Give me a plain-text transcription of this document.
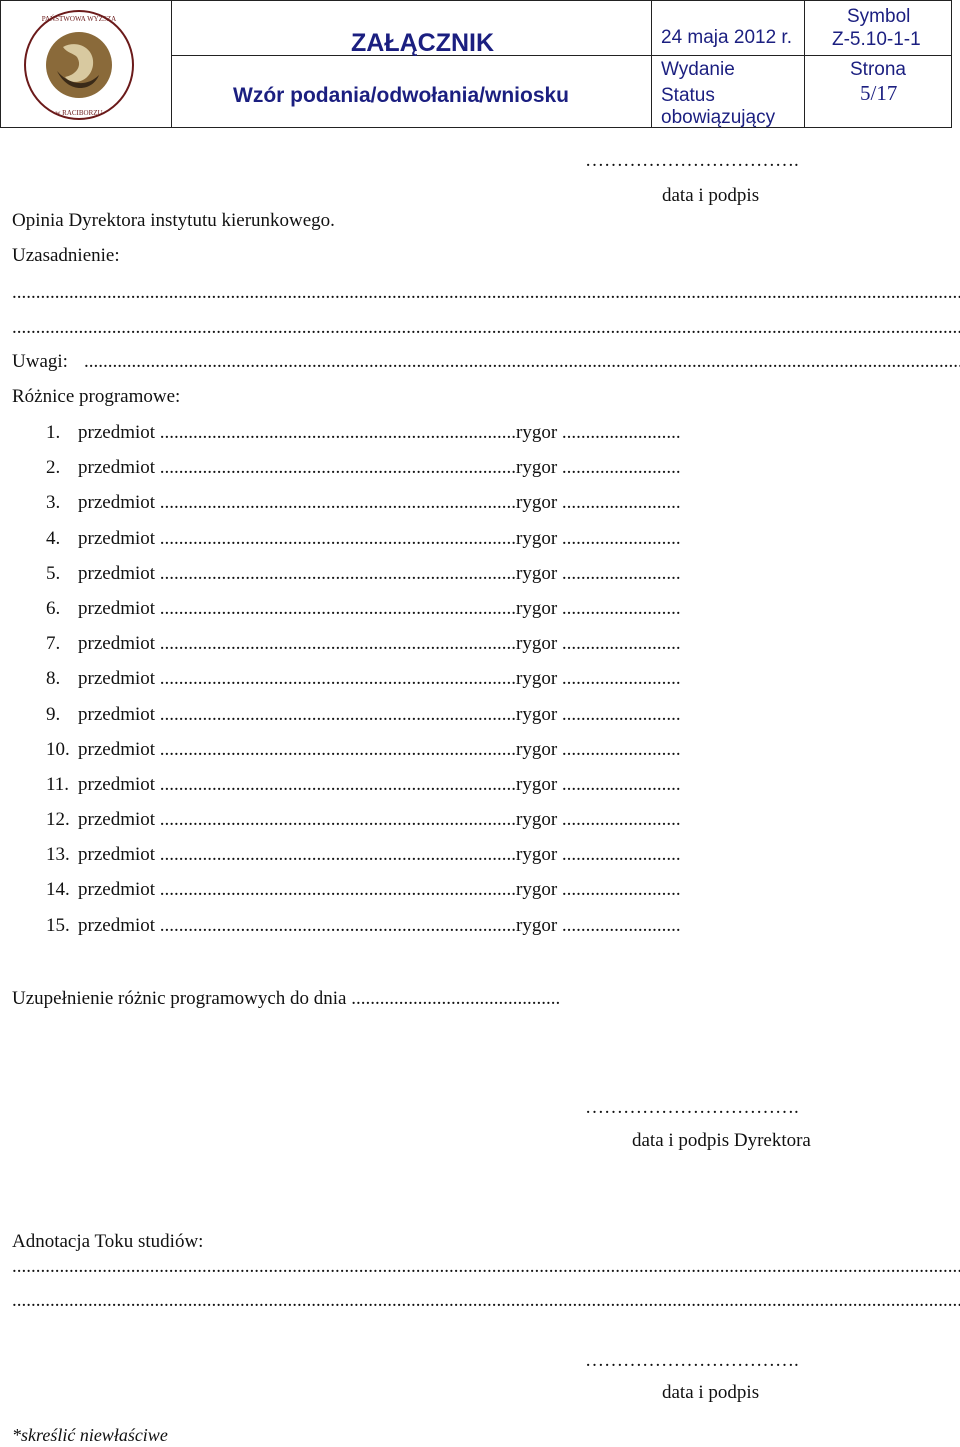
PAŃSTWOWA WYŻSZA
w RACIBORZU
ZAŁĄCZNIK
Wzór podania/odwołania/wniosku
24 maja 2012 r.
Wydanie
Status
obowiązujący
Symbol
Z-5.10-1-1
Strona
5/17
…………………………….
data i podpis
Opinia Dyrektora instytutu kierunkowego.
Uzasadnienie:
.....
.....
Uwagi:
.....
Różnice programowe:
1. przedmiot ...........................................................................rygor .........................
2. przedmiot ...........................................................................rygor .........................
3. przedmiot ...........................................................................rygor .........................
4. przedmiot ...........................................................................rygor .........................
5. przedmiot ...........................................................................rygor .........................
6. przedmiot ...........................................................................rygor .........................
7. przedmiot ...........................................................................rygor .........................
8. przedmiot ...........................................................................rygor .........................
9. przedmiot ...........................................................................rygor .........................
10. przedmiot ...........................................................................rygor .........................
11. przedmiot ...........................................................................rygor .........................
12. przedmiot ...........................................................................rygor .........................
13. przedmiot ...........................................................................rygor .........................
14. przedmiot ...........................................................................rygor .........................
15. przedmiot ...........................................................................rygor .........................
Uzupełnienie różnic programowych do dnia ............................................
…………………………….
data i podpis Dyrektora
Adnotacja Toku studiów:
.....
.....
…………………………….
data i podpis
*skreślić niewłaściwe
